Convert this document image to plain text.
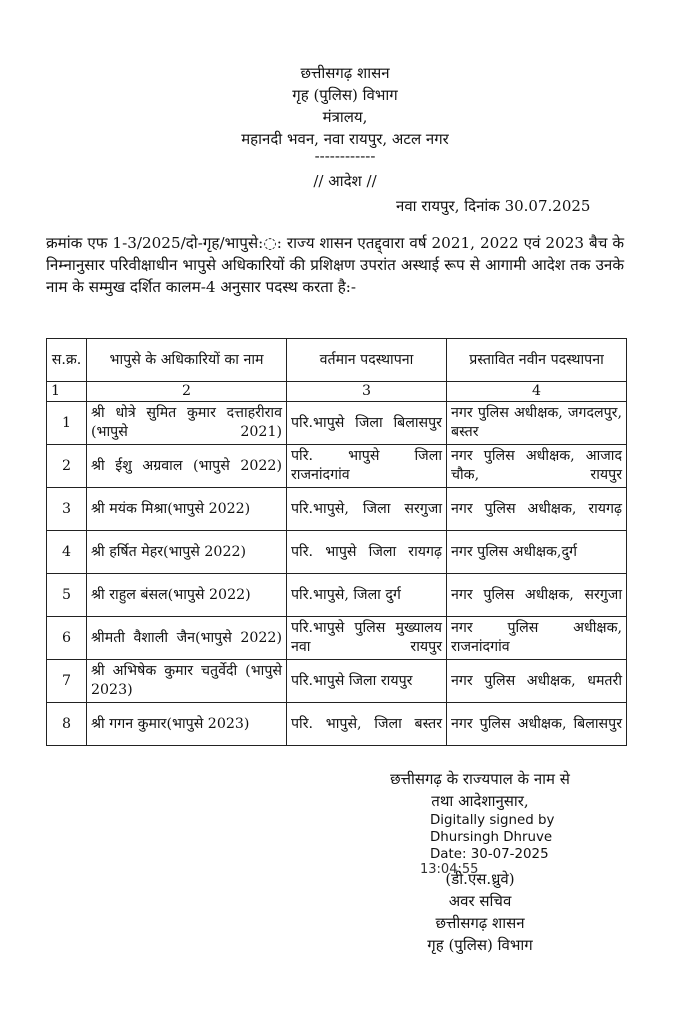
छत्तीसगढ़ शासन
गृह (पुलिस) विभाग
मंत्रालय,
महानदी भवन, नवा रायपुर, अटल नगर
------------
// आदेश //
नवा रायपुर, दिनांक 30.07.2025
क्रमांक एफ 1-3/2025/दो-गृह/भापुसे:◌: राज्य शासन एतद्द्वारा वर्ष 2021, 2022 एवं 2023 बैच के निम्नानुसार परिवीक्षाधीन भापुसे अधिकारियों की प्रशिक्षण उपरांत अस्थाई रूप से आगामी आदेश तक उनके नाम के सम्मुख दर्शित कालम-4 अनुसार पदस्थ करता है:-
स.क्र.	भापुसे के अधिकारियों का नाम	वर्तमान पदस्थापना	प्रस्तावित नवीन पदस्थापना
1	2	3	4
1	श्री धोत्रे सुमित कुमार दत्ताहरीराव (भापुसे 2021)	परि.भापुसे जिला बिलासपुर	नगर पुलिस अधीक्षक, जगदलपुर, बस्तर
2	श्री ईशु अग्रवाल (भापुसे 2022)	परि. भापुसे जिला राजनांदगांव	नगर पुलिस अधीक्षक, आजाद चौक, रायपुर
3	श्री मयंक मिश्रा(भापुसे 2022)	परि.भापुसे, जिला सरगुजा	नगर पुलिस अधीक्षक, रायगढ़
4	श्री हर्षित मेहर(भापुसे 2022)	परि. भापुसे जिला रायगढ़	नगर पुलिस अधीक्षक,दुर्ग
5	श्री राहुल बंसल(भापुसे 2022)	परि.भापुसे, जिला दुर्ग	नगर पुलिस अधीक्षक, सरगुजा
6	श्रीमती वैशाली जैन(भापुसे 2022)	परि.भापुसे पुलिस मुख्यालय नवा रायपुर	नगर पुलिस अधीक्षक, राजनांदगांव
7	श्री अभिषेक कुमार चतुर्वेदी (भापुसे 2023)	परि.भापुसे जिला रायपुर	नगर पुलिस अधीक्षक, धमतरी
8	श्री गगन कुमार(भापुसे 2023)	परि. भापुसे, जिला बस्तर	नगर पुलिस अधीक्षक, बिलासपुर
छत्तीसगढ़ के राज्यपाल के नाम से
तथा आदेशानुसार,
Digitally signed by
Dhursingh Dhruve
Date: 30-07-2025
13:04:55
(डी.एस.ध्रुवे)
अवर सचिव
छत्तीसगढ़ शासन
गृह (पुलिस) विभाग
